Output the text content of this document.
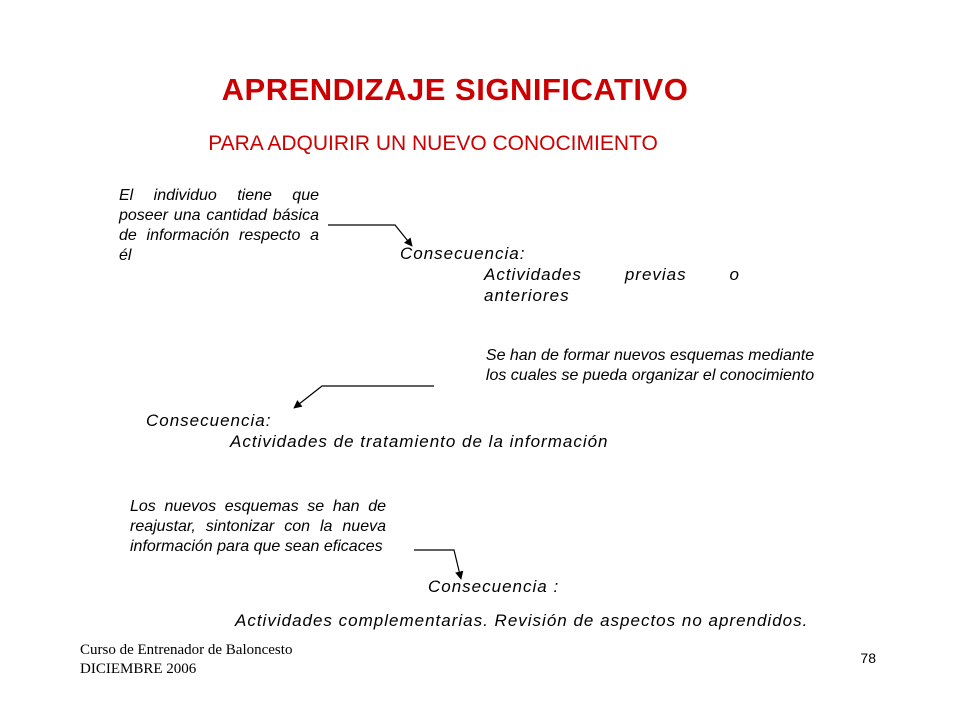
APRENDIZAJE SIGNIFICATIVO
PARA ADQUIRIR UN NUEVO CONOCIMIENTO
El individuo tiene que poseer una cantidad básica de información respecto a él	Consecuencia:
Actividades previas o anteriores
Se han de formar nuevos esquemas mediante los cuales se pueda organizar el conocimiento
Consecuencia:
Actividades de tratamiento de la información
Los nuevos esquemas se han de reajustar, sintonizar con la nueva información para que sean eficaces
Consecuencia :
Actividades complementarias. Revisión de aspectos no aprendidos.
Curso de Entrenador de Baloncesto
DICIEMBRE 2006
78
